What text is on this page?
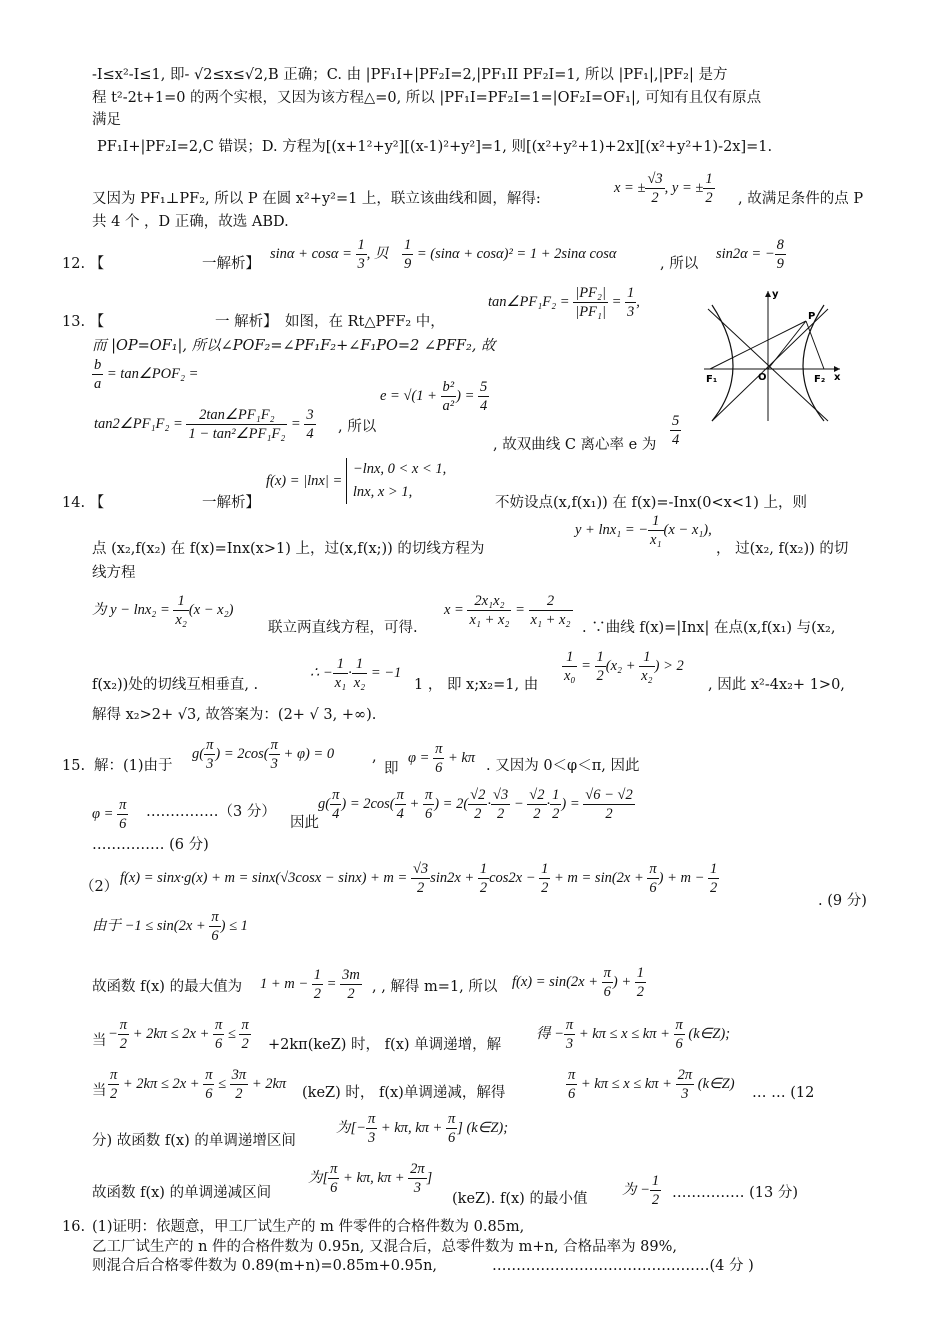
-I≤x²-I≤1, 即- √2≤x≤√2,B 正确；C. 由 |PF₁I+|PF₂I=2,|PF₁II PF₂I=1, 所以 |PF₁|,|PF₂| 是方
程 t²-2t+1=0 的两个实根，又因为该方程△=0, 所以 |PF₁I=PF₂I=1=|OF₂I=OF₁|, 可知有且仅有原点
满足
PF₁I+|PF₂I=2,C 错误；D. 方程为[(x+1²+y²][(x-1)²+y²]=1, 则[(x²+y²+1)+2x][(x²+y²+1)-2x]=1.
又因为 PF₁⊥PF₂, 所以 P 在圆 x²+y²=1 上，联立该曲线和圆，解得:
x = ± $\frac{√3}{2}$ , y = ± $\frac{1}{2}$ , 故满足条件的点 P
共 4 个 ，D 正确，故选 ABD.
12. 【	一解析】
$\sin\alpha + \cos\alpha = \frac{1}{3}$ , 贝 $\frac{1}{9} = (\sin\alpha + \cos\alpha)^2 = 1 + 2\sin\alpha$ cosα
, 所以
sin2α = − $\frac{8}{9}$
13. 【	一 解析】 如图，在 Rt△PFF₂ 中，
tan∠PF₁F₂ = $\frac{\text{|PF₂|}}{\text{|PF₁|}} = \frac{1}{3}$ ,
而 |OP=OF₁|, 所以∠POF₂=∠PF₁F₂+∠F₁PO=2 ∠PFF₂, 故
$\frac{b}{a}$ = tan∠POF₂ =
$e = √(1 + \frac{\text{b²}}{\text{a²}}$ ) = $\frac{5}{4}$
tan2∠PF₁F₂ = $\frac{\text{2tan∠PF₁F₂}}{\text{1 − tan²∠PF₁F₂}} = \frac{3}{4}$ , 所以
, 故双曲线 C 离心率 e 为 $\frac{5}{4}$
P
y
F₁	O	F₂ x
14. 【	一解析】
f(x) = |lnx| = −lnx, 0 < x < 1,
lnx, x > 1,
不妨设点(x,f(x₁)) 在 f(x)=-Inx(0<x<1) 上，则
点 (x₂,f(x₂) 在 f(x)=Inx(x>1) 上，过(x,f(x;)) 的切线方程为
y + lnx₁ = − $\frac{1}{\text{x₁}} (x - x_1)$,
， 过(x₂, f(x₂)) 的切
线方程
为 $y - \ln x_2 = \frac{1}{\text{x₂}} (x - x_2)$
联立两直线方程，可得.
$x = \frac{\text{2x₁x₂}}{\text{x₁ + x₂}} = \frac{2}{\text{x₁ + x₂}}$ . ∵曲线 f(x)=|Inx| 在点(x,f(x₁) 与(x₂,
f(x₂))处的切线互相垂直, .
∴ − $\frac{1}{\text{x₁}} \cdot \frac{1}{\text{x₂}} = -1$
1 ， 即 x;x₂=1, 由 $\frac{1}{\text{x₀}} = \frac{1}{2} (x_2 + \frac{1}{\text{x₂}}$ ) > 2
, 因此 x²-4x₂+ 1>0,
解得 x₂>2+ √3, 故答案为：(2+ √ 3, +∞).
15. 解：(1)由于
$g( \frac{\pi}{3}$ ) = $2\cos( \frac{\pi}{3} + \varphi) = 0$	,
即
$\varphi = \frac{\pi}{6} + k\pi$
. 又因为 0＜φ＜π, 因此
$\varphi = \frac{\pi}{6}$ ……………（3 分）
因此
$g( \frac{\pi}{4}$ ) = $2\cos( \frac{\pi}{4} + \frac{\pi}{6}$ ) = $2( \frac{√2}{2} \cdot \frac{√3}{2} - \frac{√2}{2} \cdot \frac{1}{2}$ ) = $\frac{√6 - √2}{2}$
…………… (6 分)
（2）
$f(x) = \sin x\cdot g(x) + m = \sin x(√3\cos x - \sin x) + m = \frac{√3}{2} \sin 2x + \frac{1}{2} \cos 2x - \frac{1}{2} + m = \sin(2x + \frac{\pi}{6}$ ) + $m - \frac{1}{2}$
. (9 分)
由于 $-1 \le \sin(2x + \frac{\pi}{6}$ ) ≤ 1
故函数 f(x) 的最大值为 $1 + m - \frac{1}{2} = \frac{3m}{2}$ , , 解得 m=1, 所以 $f(x) = \sin(2x + \frac{\pi}{6}$ ) + $\frac{1}{2}$
当 − $\frac{\pi}{2} + 2k\pi \le 2x + \frac{\pi}{6} \le \frac{\pi}{2} +2k\pi(keZ)$ 时， f(x) 单调递增，解
得 − $\frac{\pi}{3} + k\pi \le x \le k\pi + \frac{\pi}{6}$ (k∈Z);
当 $\frac{\pi}{2} + 2k\pi \le 2x + \frac{\pi}{6} \le \frac{3\pi}{2} + 2k\pi$
(keZ) 时， f(x)单调递减，解得	$\frac{\pi}{6} + k\pi \le x \le k\pi + \frac{2\pi}{3}$ (k∈Z)
… … (12
分) 故函数 f(x) 的单调递增区间
为[− $\frac{\pi}{3} + k\pi$, $k\pi + \frac{\pi}{6}$ ] (k∈Z);
故函数 f(x) 的单调递减区间
为[ $\frac{\pi}{6} + k\pi$, $k\pi + \frac{2\pi}{3}$ ]
(keZ). f(x) 的最小值
为 − $\frac{1}{2}$ …………… (13 分)
16. (1)证明：依题意，甲工厂试生产的 m 件零件的合格件数为 0.85m,
乙工厂试生产的 n 件的合格件数为 0.95n, 又混合后，总零件数为 m+n, 合格品率为 89%,
则混合后合格零件数为 0.89(m+n)=0.85m+0.95n,	………………………………………(4 分 )
